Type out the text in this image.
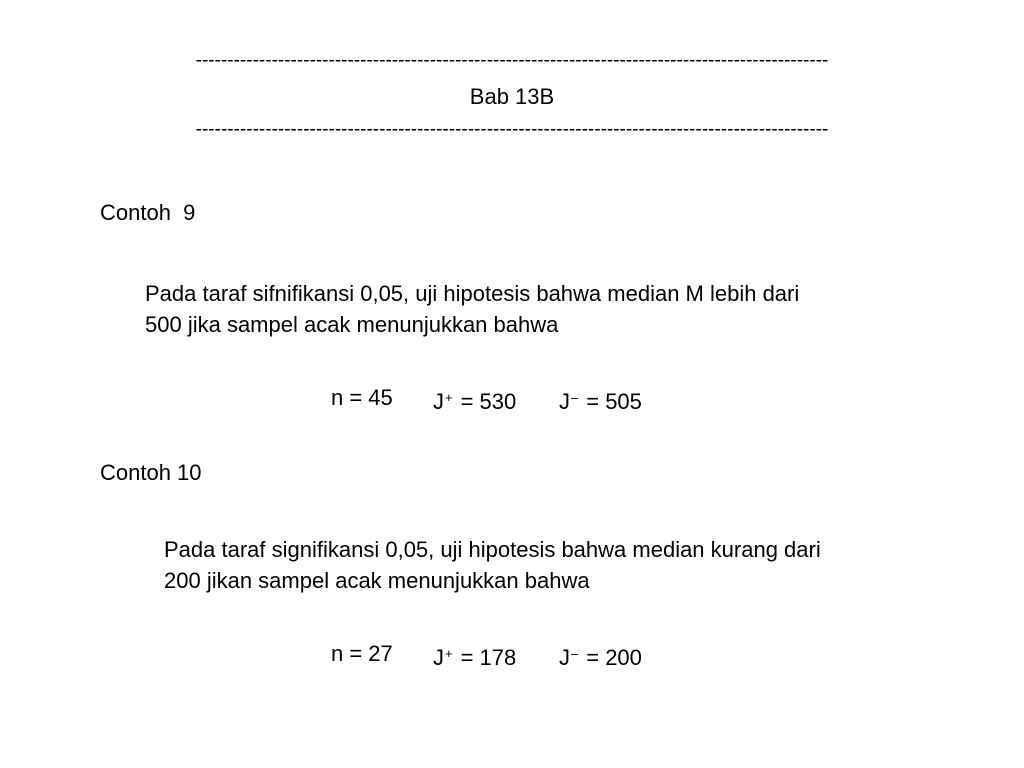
----------------------------------------------------------------------------------------------------
Bab 13B
----------------------------------------------------------------------------------------------------
Contoh  9
Pada taraf sifnifikansi 0,05, uji hipotesis bahwa median M lebih dari
500 jika sampel acak menunjukkan bahwa
n = 45 J+ = 530 J– = 505
Contoh 10
Pada taraf signifikansi 0,05, uji hipotesis bahwa median kurang dari
200 jikan sampel acak menunjukkan bahwa
n = 27 J+ = 178 J– = 200
